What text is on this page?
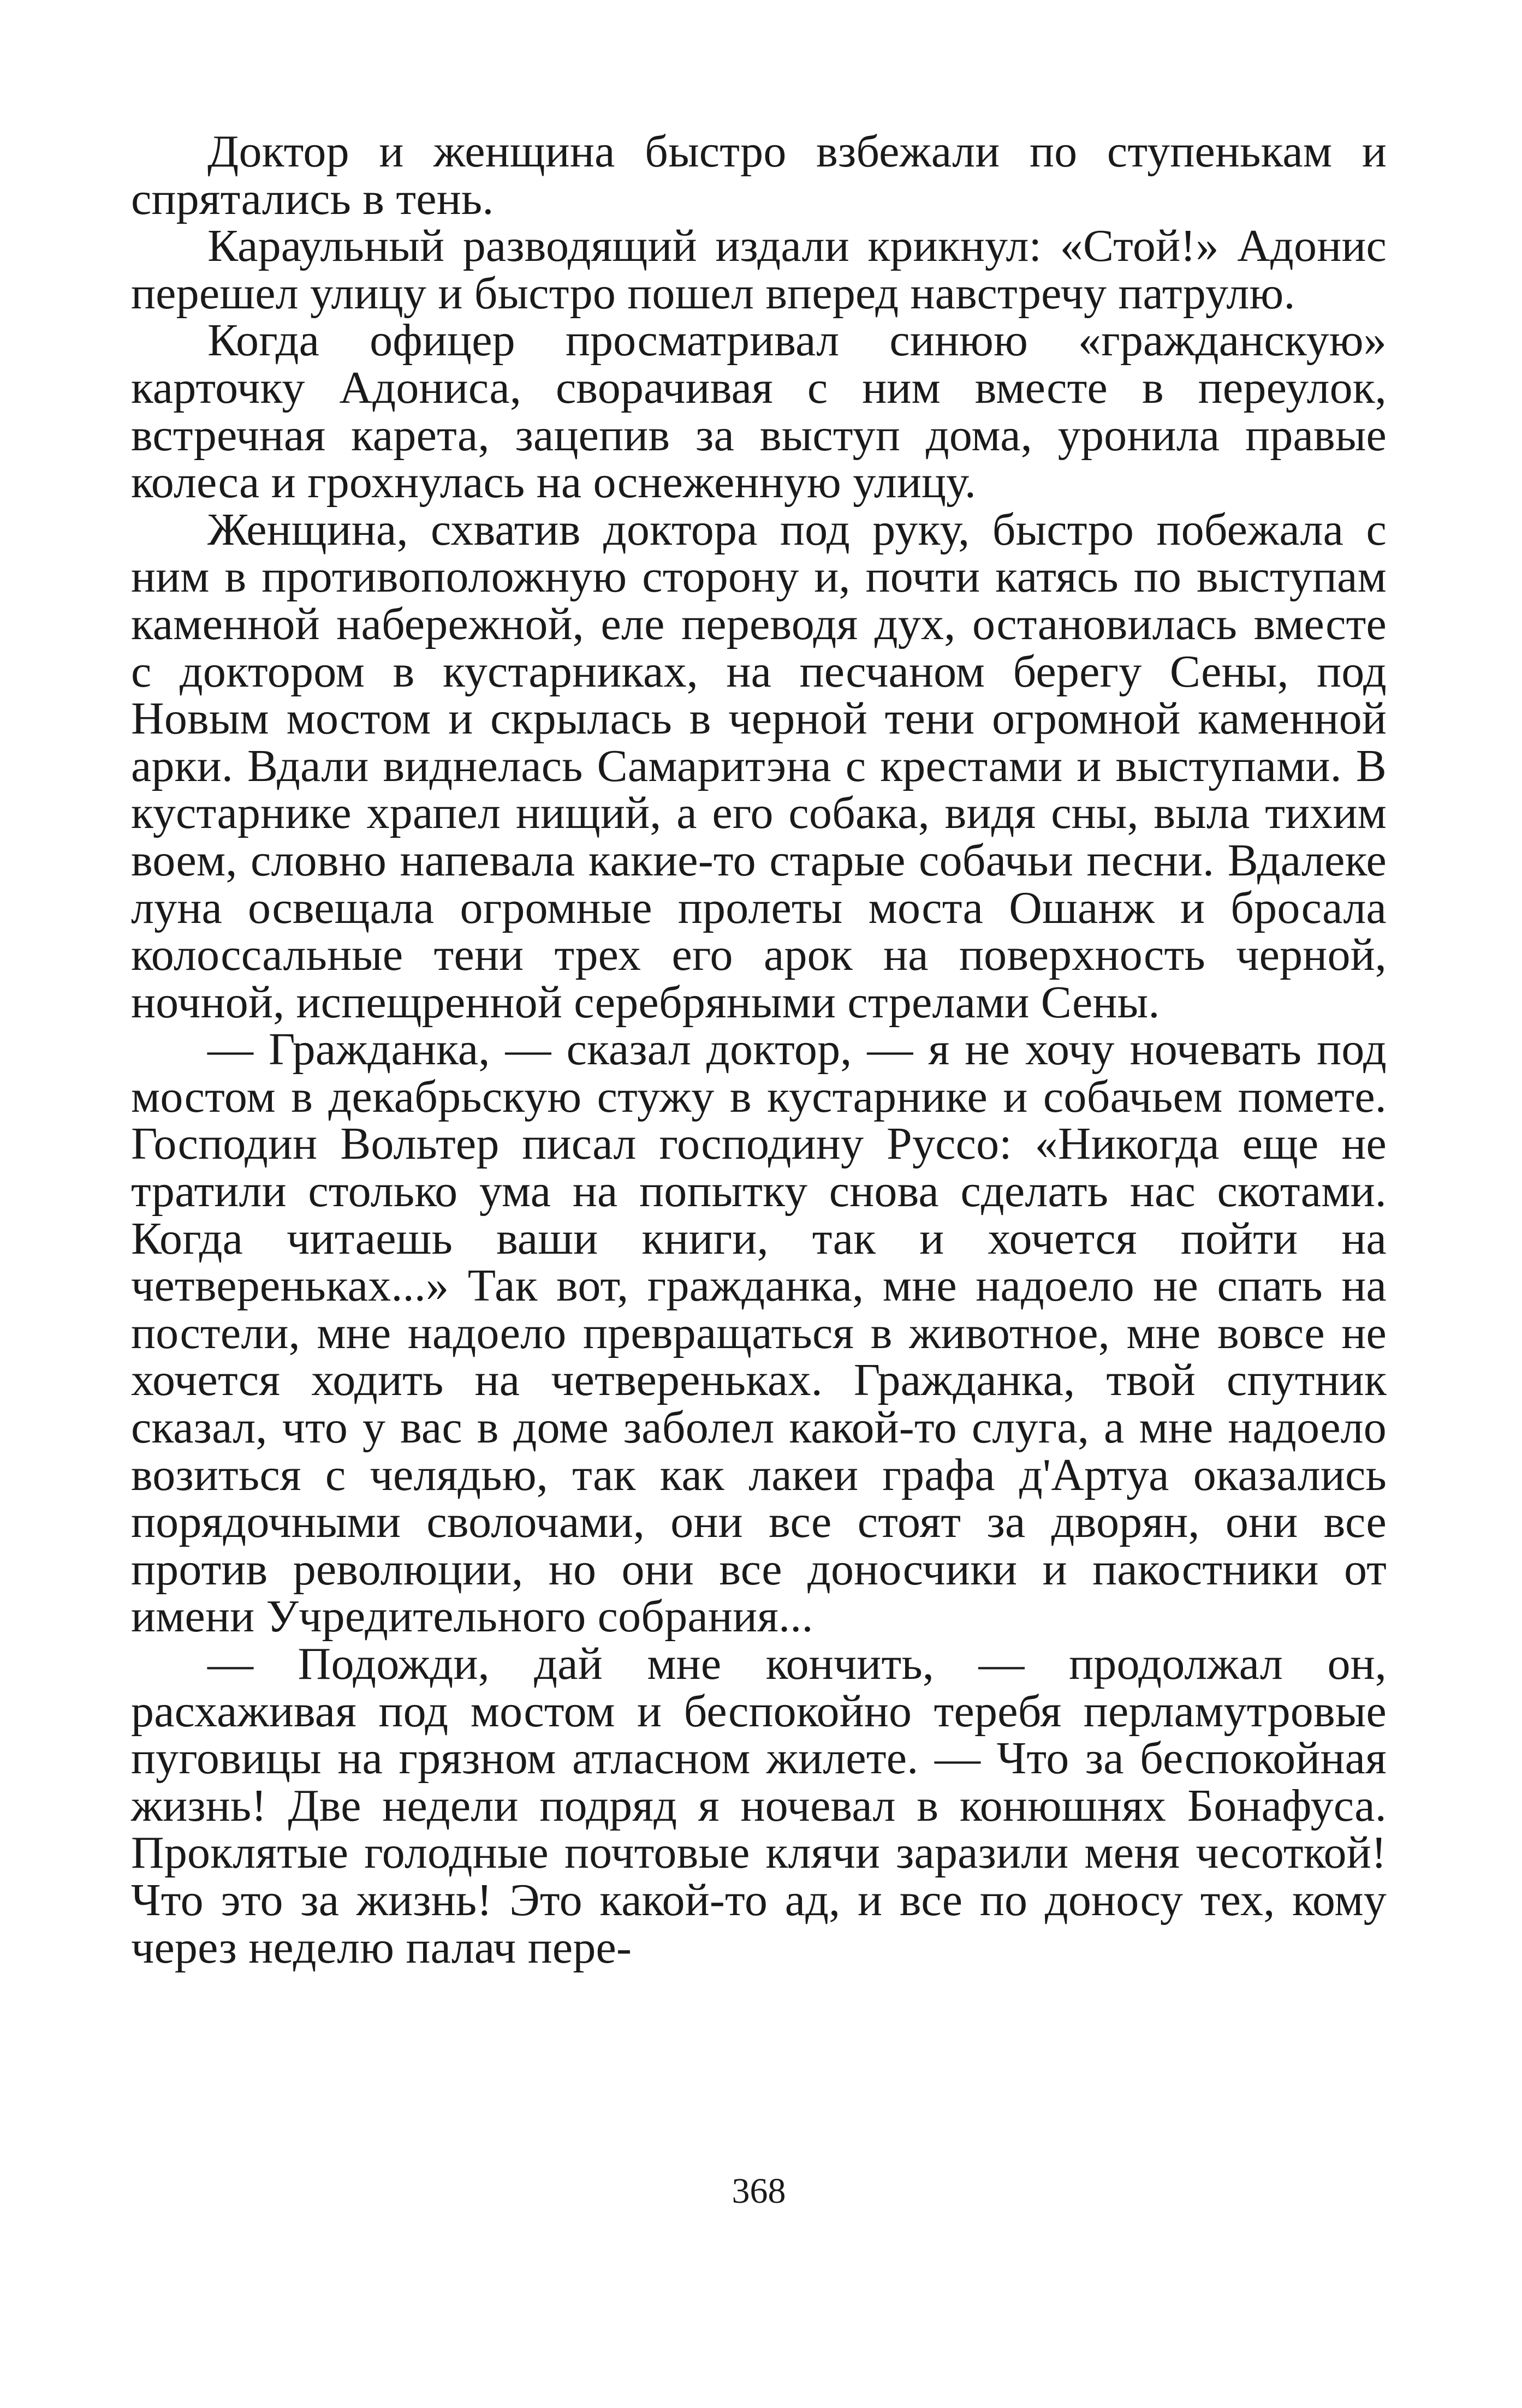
Доктор и женщина быстро взбежали по ступенькам и спрятались в тень.

Караульный разводящий издали крикнул: «Стой!» Адонис перешел улицу и быстро пошел вперед навстречу патрулю.

Когда офицер просматривал синюю «гражданскую» карточку Адониса, сворачивая с ним вместе в переулок, встречная карета, зацепив за выступ дома, уронила правые колеса и грохнулась на оснеженную улицу.

Женщина, схватив доктора под руку, быстро побежала с ним в противоположную сторону и, почти катясь по выступам каменной набережной, еле переводя дух, остановилась вместе с доктором в кустарниках, на песчаном берегу Сены, под Новым мостом и скрылась в черной тени огромной каменной арки. Вдали виднелась Самаритэна с крестами и выступами. В кустарнике храпел нищий, а его собака, видя сны, выла тихим воем, словно напевала какие-то старые собачьи песни. Вдалеке луна освещала огромные пролеты моста Ошанж и бросала колоссальные тени трех его арок на поверхность черной, ночной, испещренной серебряными стрелами Сены.

— Гражданка, — сказал доктор, — я не хочу ночевать под мостом в декабрьскую стужу в кустарнике и собачьем помете. Господин Вольтер писал господину Руссо: «Никогда еще не тратили столько ума на попытку снова сделать нас скотами. Когда читаешь ваши книги, так и хочется пойти на четвереньках...» Так вот, гражданка, мне надоело не спать на постели, мне надоело превращаться в животное, мне вовсе не хочется ходить на четвереньках. Гражданка, твой спутник сказал, что у вас в доме заболел какой-то слуга, а мне надоело возиться с челядью, так как лакеи графа д'Артуа оказались порядочными сволочами, они все стоят за дворян, они все против революции, но они все доносчики и пакостники от имени Учредительного собрания...

— Подожди, дай мне кончить, — продолжал он, расхаживая под мостом и беспокойно теребя перламутровые пуговицы на грязном атласном жилете. — Что за беспокойная жизнь! Две недели подряд я ночевал в конюшнях Бонафуса. Проклятые голодные почтовые клячи заразили меня чесоткой! Что это за жизнь! Это какой-то ад, и все по доносу тех, кому через неделю палач пере-

368
